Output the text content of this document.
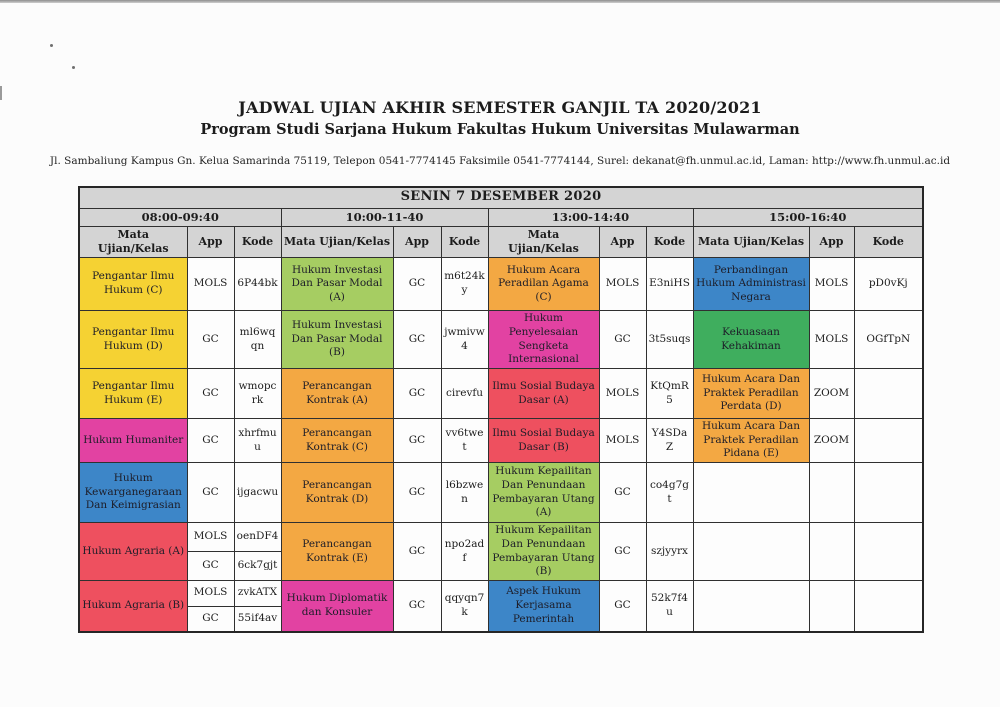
JADWAL UJIAN AKHIR SEMESTER GANJIL TA 2020/2021
Program Studi Sarjana Hukum Fakultas Hukum Universitas Mulawarman
Jl. Sambaliung Kampus Gn. Kelua Samarinda 75119, Telepon 0541-7774145 Faksimile 0541-7774144, Surel: dekanat@fh.unmul.ac.id, Laman: http://www.fh.unmul.ac.id
SENIN 7 DESEMBER 2020											
08:00-09:40			10:00-11-40			13:00-14:40			15:00-16:40		
Mata Ujian/Kelas	App	Kode	Mata Ujian/Kelas	App	Kode	Mata Ujian/Kelas	App	Kode	Mata Ujian/Kelas	App	Kode
Pengantar Ilmu Hukum (C)	MOLS	6P44bk	Hukum Investasi Dan Pasar Modal (A)	GC	m6t24ky	Hukum Acara Peradilan Agama (C)	MOLS	E3niHS	Perbandingan Hukum Administrasi Negara	MOLS	pD0vKj
Pengantar Ilmu Hukum (D)	GC	ml6wqqn	Hukum Investasi Dan Pasar Modal (B)	GC	jwmivw4	Hukum Penyelesaian Sengketa Internasional	GC	3t5suqs	Kekuasaan Kehakiman	MOLS	OGfTpN
Pengantar Ilmu Hukum (E)	GC	wmopcrk	Perancangan Kontrak (A)	GC	cirevfu	Ilmu Sosial Budaya Dasar (A)	MOLS	KtQmR5	Hukum Acara Dan Praktek Peradilan Perdata (D)	ZOOM	
Hukum Humaniter	GC	xhrfmuu	Perancangan Kontrak (C)	GC	vv6twet	Ilmu Sosial Budaya Dasar (B)	MOLS	Y4SDaZ	Hukum Acara Dan Praktek Peradilan Pidana (E)	ZOOM	
Hukum Kewarganegaraan Dan Keimigrasian	GC	ijgacwu	Perancangan Kontrak (D)	GC	l6bzwen	Hukum Kepailitan Dan Penundaan Pembayaran Utang (A)	GC	co4g7gt			
Hukum Agraria (A)	MOLS	oenDF4	Perancangan Kontrak (E)	GC	npo2adf	Hukum Kepailitan Dan Penundaan Pembayaran Utang (B)	GC	szjyyrx			
	GC	6ck7gjt									
Hukum Agraria (B)	MOLS	zvkATX	Hukum Diplomatik dan Konsuler	GC	qqyqn7k	Aspek Hukum Kerjasama Pemerintah	GC	52k7f4u			
	GC	55if4av									
